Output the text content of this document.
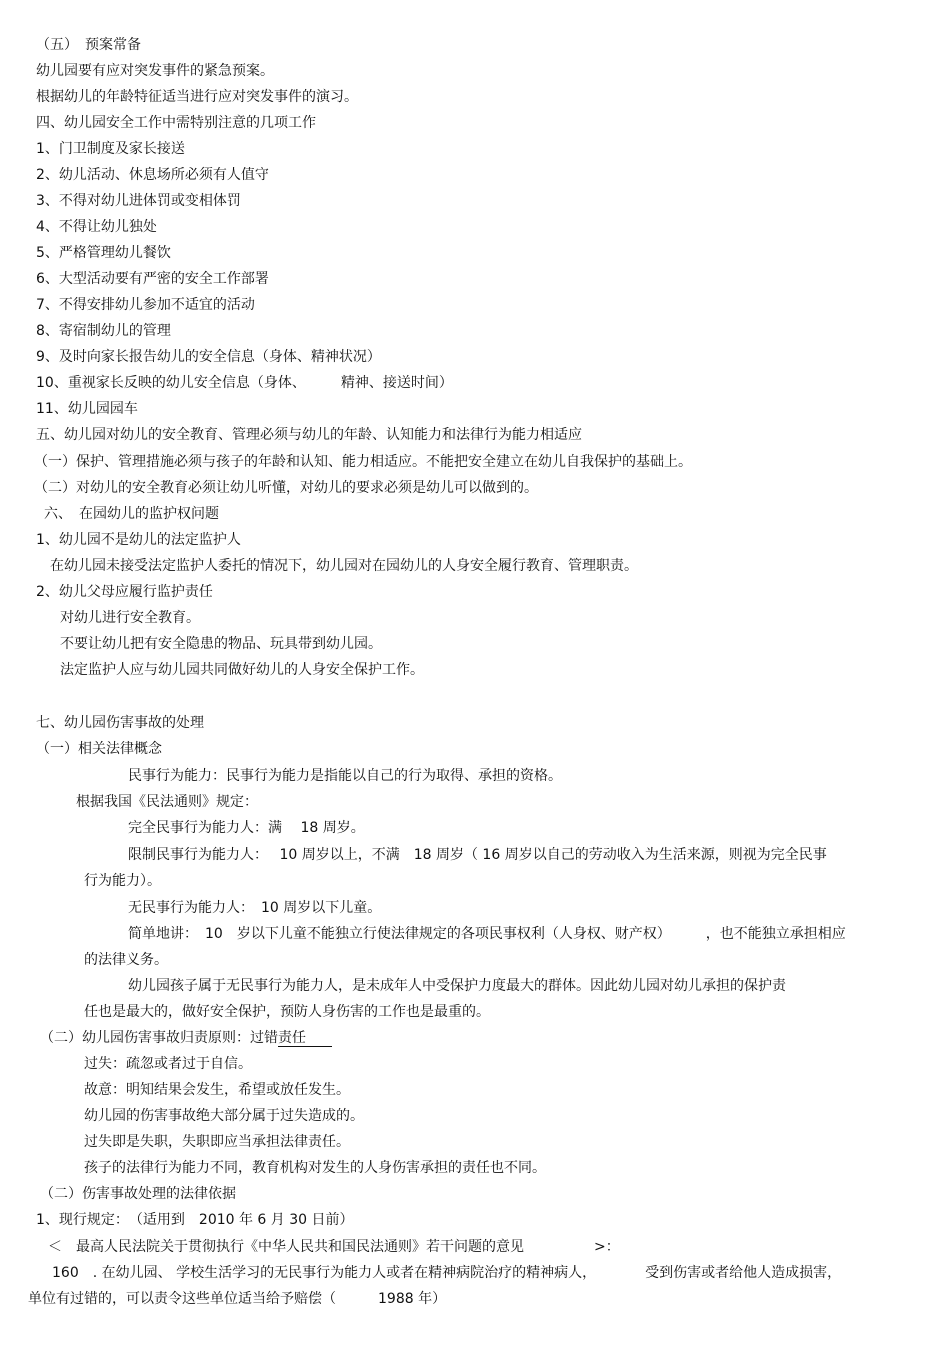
（五）　预案常备
幼儿园要有应对突发事件的紧急预案。
根据幼儿的年龄特征适当进行应对突发事件的演习。
四、幼儿园安全工作中需特别注意的几项工作
1、门卫制度及家长接送
2、幼儿活动、休息场所必须有人值守
3、不得对幼儿进体罚或变相体罚
4、不得让幼儿独处
5、严格管理幼儿餐饮
6、大型活动要有严密的安全工作部署
7、不得安排幼儿参加不适宜的活动
8、寄宿制幼儿的管理
9、及时向家长报告幼儿的安全信息（身体、精神状况）
10、重视家长反映的幼儿安全信息（身体、　　　精神、接送时间）
11、幼儿园园车
五、幼儿园对幼儿的安全教育、管理必须与幼儿的年龄、认知能力和法律行为能力相适应
（一）保护、管理措施必须与孩子的年龄和认知、能力相适应。不能把安全建立在幼儿自我保护的基础上。
（二）对幼儿的安全教育必须让幼儿听懂，对幼儿的要求必须是幼儿可以做到的。
六、　在园幼儿的监护权问题
1、幼儿园不是幼儿的法定监护人
在幼儿园未接受法定监护人委托的情况下，幼儿园对在园幼儿的人身安全履行教育、管理职责。
2、幼儿父母应履行监护责任
对幼儿进行安全教育。
不要让幼儿把有安全隐患的物品、玩具带到幼儿园。
法定监护人应与幼儿园共同做好幼儿的人身安全保护工作。
七、幼儿园伤害事故的处理
（一）相关法律概念
民事行为能力：民事行为能力是指能以自己的行为取得、承担的资格。
根据我国《民法通则》规定：
完全民事行为能力人：满　 18 周岁。
限制民事行为能力人：　 10 周岁以上，不满　18 周岁（ 16 周岁以自己的劳动收入为生活来源，则视为完全民事
行为能力）。
无民事行为能力人：　10 周岁以下儿童。
简单地讲：　10　岁以下儿童不能独立行使法律规定的各项民事权利（人身权、财产权）　　　，也不能独立承担相应
的法律义务。
幼儿园孩子属于无民事行为能力人，是未成年人中受保护力度最大的群体。因此幼儿园对幼儿承担的保护责
任也是最大的，做好安全保护，预防人身伤害的工作也是最重的。
（二）幼儿园伤害事故归责原则：过错责任
过失：疏忽或者过于自信。
故意：明知结果会发生，希望或放任发生。
幼儿园的伤害事故绝大部分属于过失造成的。
过失即是失职，失职即应当承担法律责任。
孩子的法律行为能力不同，教育机构对发生的人身伤害承担的责任也不同。
（二）伤害事故处理的法律依据
1、现行规定：　（适用到　2010 年 6 月 30 日前）
＜　最高人民法院关于贯彻执行《中华人民共和国民法通则》若干问题的意见　　　　　>：
160　. 在幼儿园、 学校生活学习的无民事行为能力人或者在精神病院治疗的精神病人，　　　　受到伤害或者给他人造成损害，
单位有过错的，可以责令这些单位适当给予赔偿（　　　1988 年）
